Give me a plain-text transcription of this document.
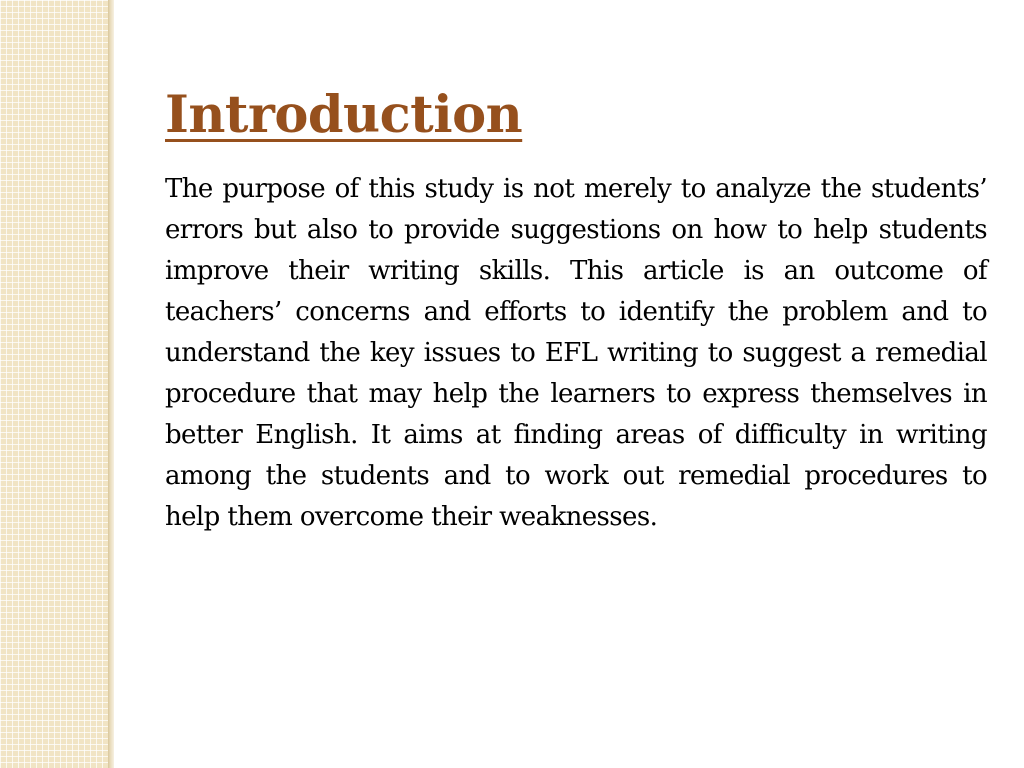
Introduction

The purpose of this study is not merely to analyze the students’ errors but also to provide suggestions on how to help students improve their writing skills. This article is an outcome of teachers’ concerns and efforts to identify the problem and to understand the key issues to EFL writing to suggest a remedial procedure that may help the learners to express themselves in better English. It aims at finding areas of difficulty in writing among the students and to work out remedial procedures to help them overcome their weaknesses.
